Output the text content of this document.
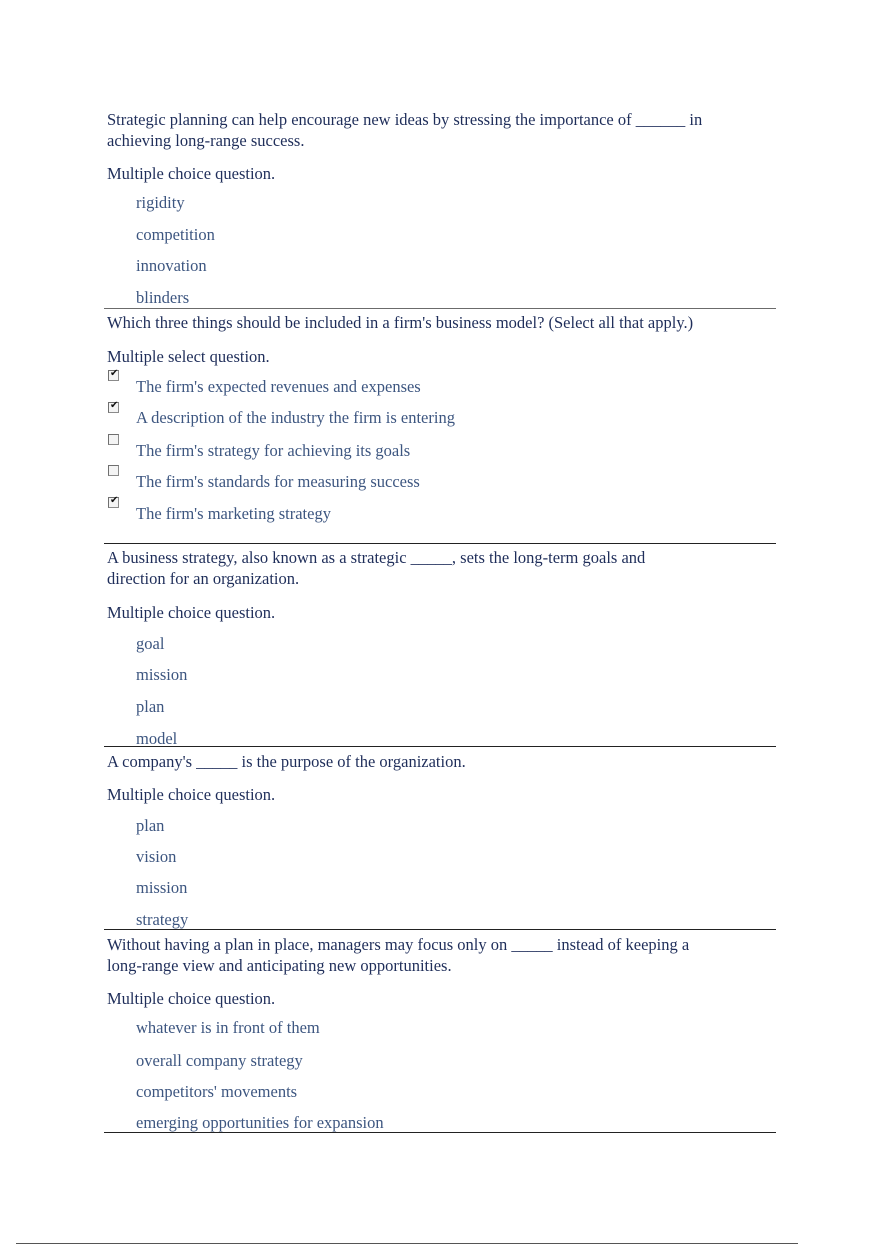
Strategic planning can help encourage new ideas by stressing the importance of ______ in achieving long-range success.

Multiple choice question.

rigidity
competition
innovation
blinders

Which three things should be included in a firm's business model? (Select all that apply.)

Multiple select question.

✔
The firm's expected revenues and expenses
✔
A description of the industry the firm is entering
The firm's strategy for achieving its goals
The firm's standards for measuring success
✔
The firm's marketing strategy

A business strategy, also known as a strategic _____, sets the long-term goals and direction for an organization.

Multiple choice question.

goal
mission
plan
model

A company's _____ is the purpose of the organization.

Multiple choice question.

plan
vision
mission
strategy

Without having a plan in place, managers may focus only on _____ instead of keeping a long-range view and anticipating new opportunities.

Multiple choice question.

whatever is in front of them
overall company strategy
competitors' movements
emerging opportunities for expansion
